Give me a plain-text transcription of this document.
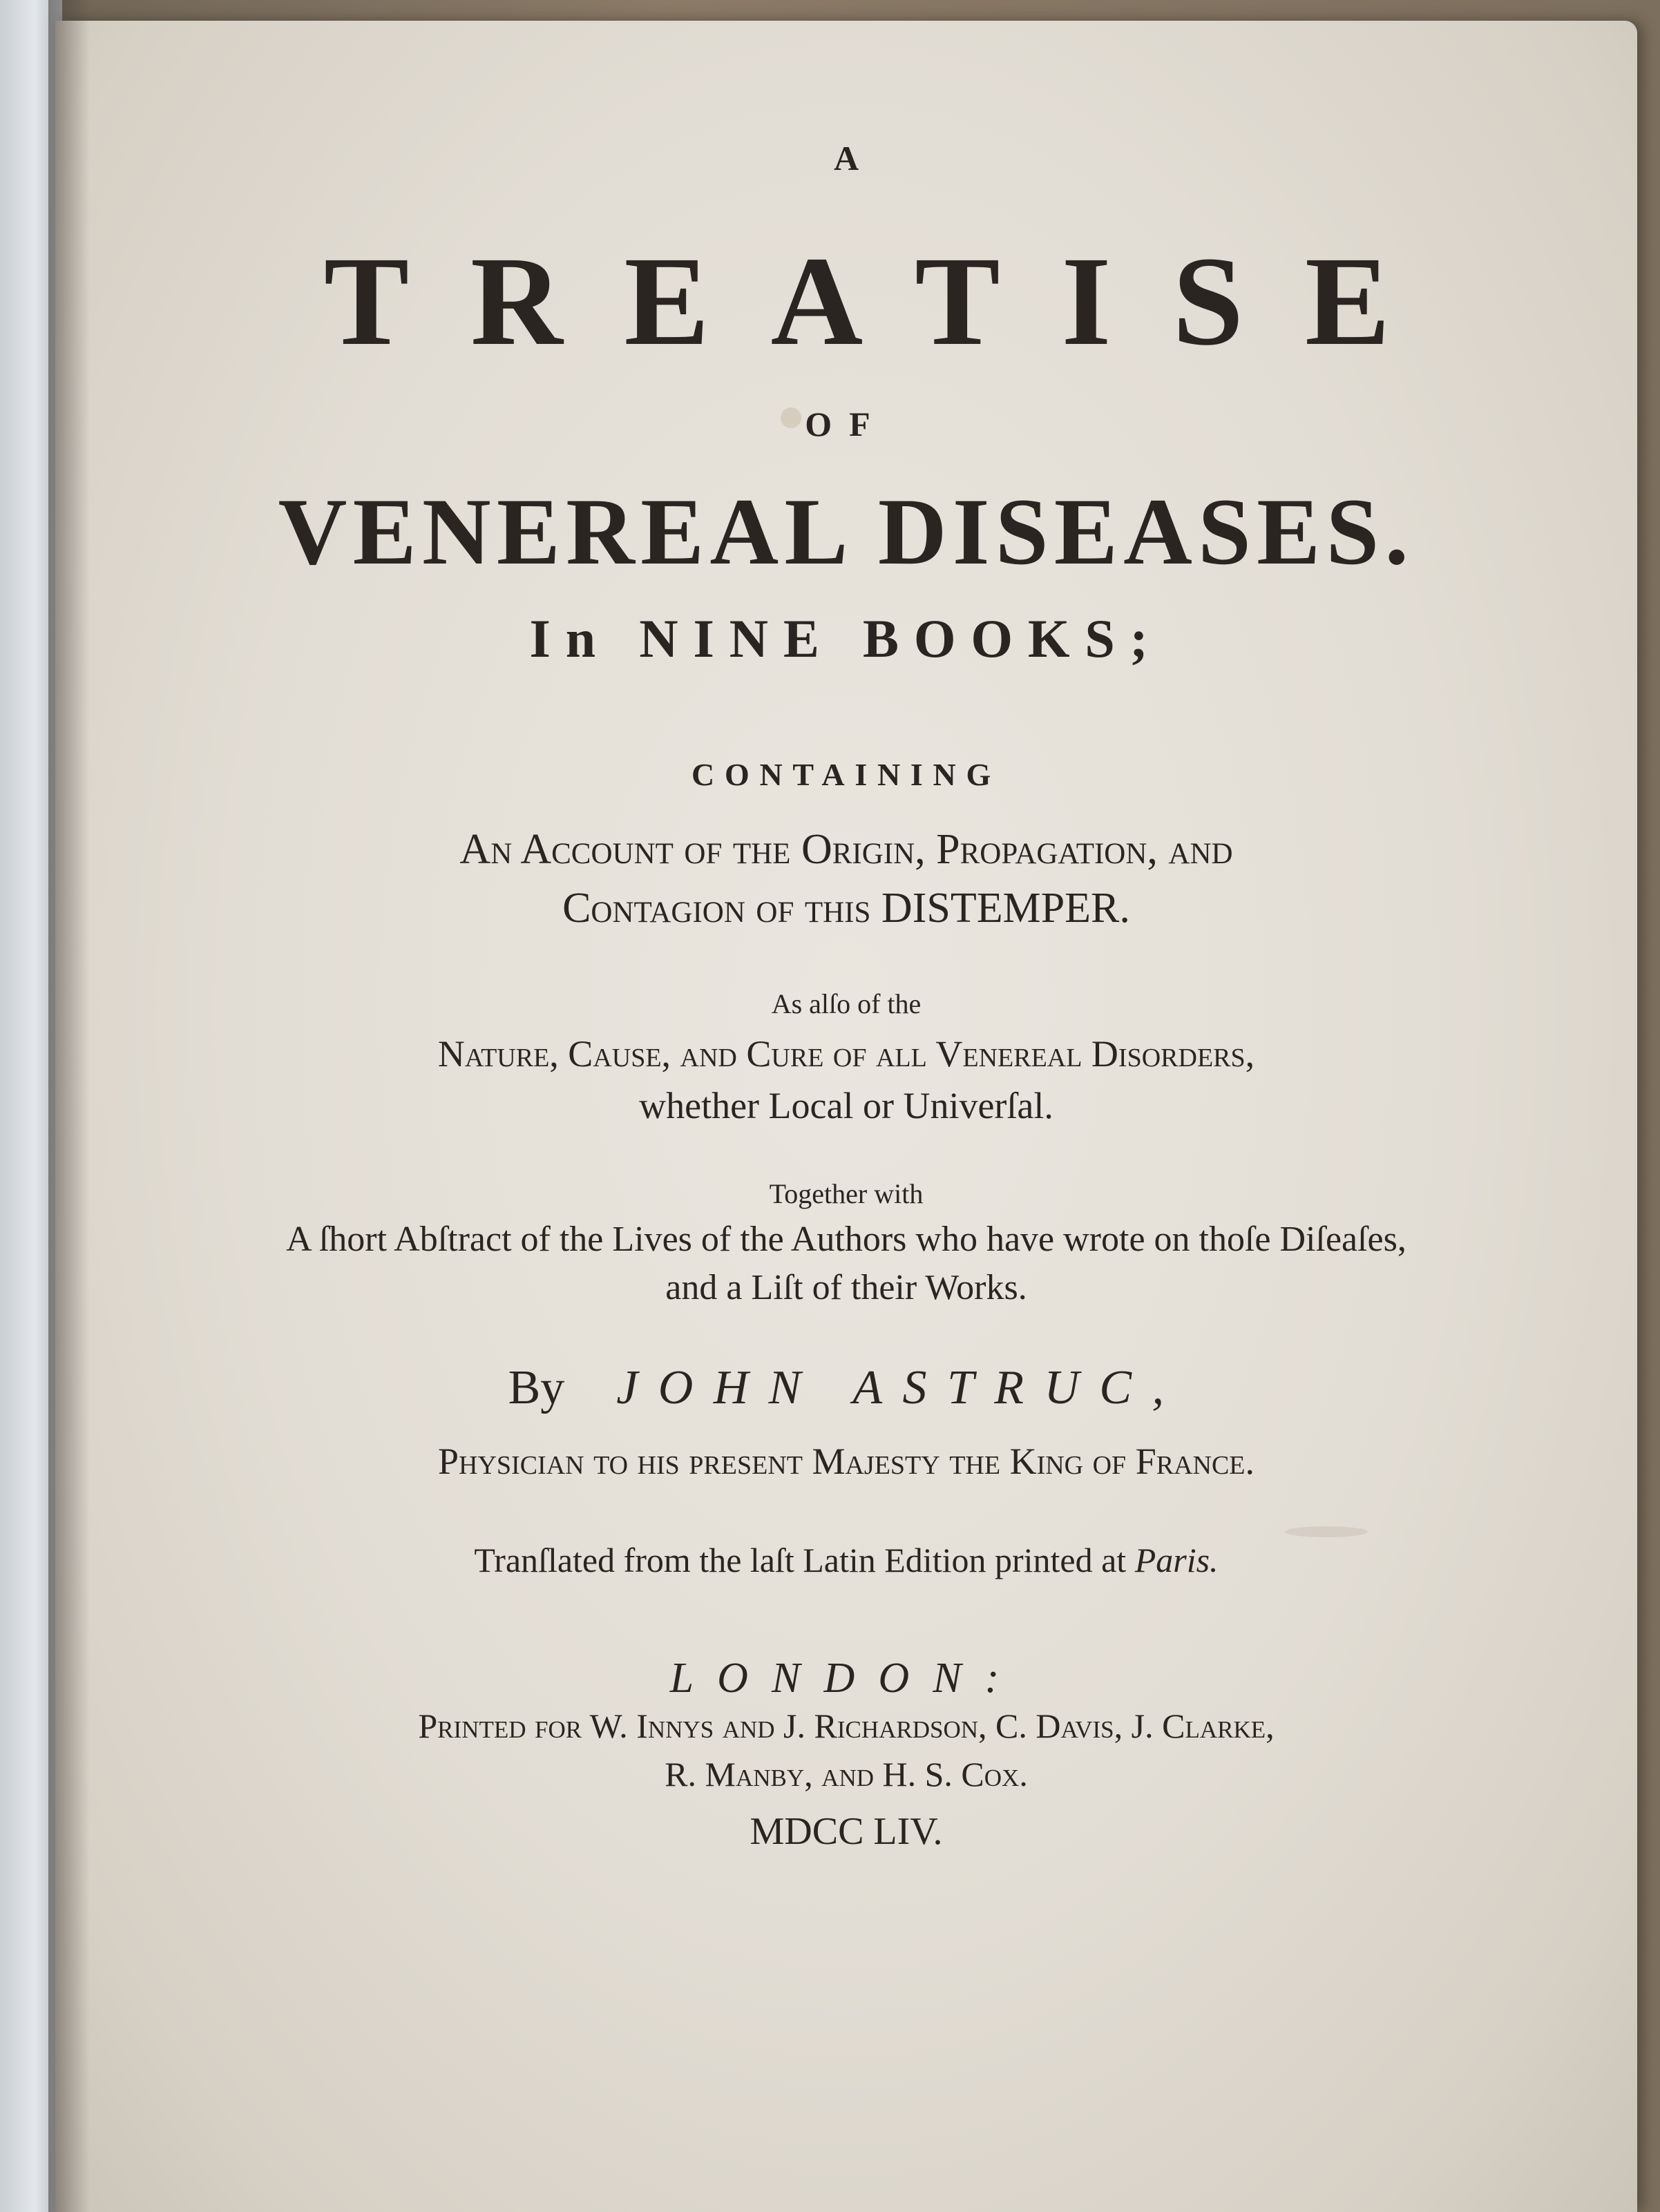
A
TREATISE
OF
VENEREAL DISEASES.
In NINE BOOKS;
CONTAINING
An Account of the Origin, Propagation, and
Contagion of this DISTEMPER.
As alſo of the
Nature, Cause, and Cure of all Venereal Disorders,
whether Local or Univerſal.
Together with
A ſhort Abſtract of the Lives of the Authors who have wrote on thoſe Diſeaſes,
and a Liſt of their Works.
By JOHN ASTRUC,
Phyſician to his preſent Majeſty the King of France.
Tranſlated from the laſt Latin Edition printed at Paris.
LONDON:
Printed for W. Innys and J. Richardson, C. Davis, J. Clarke,
R. Manby, and H. S. Cox.
MDCC LIV.
